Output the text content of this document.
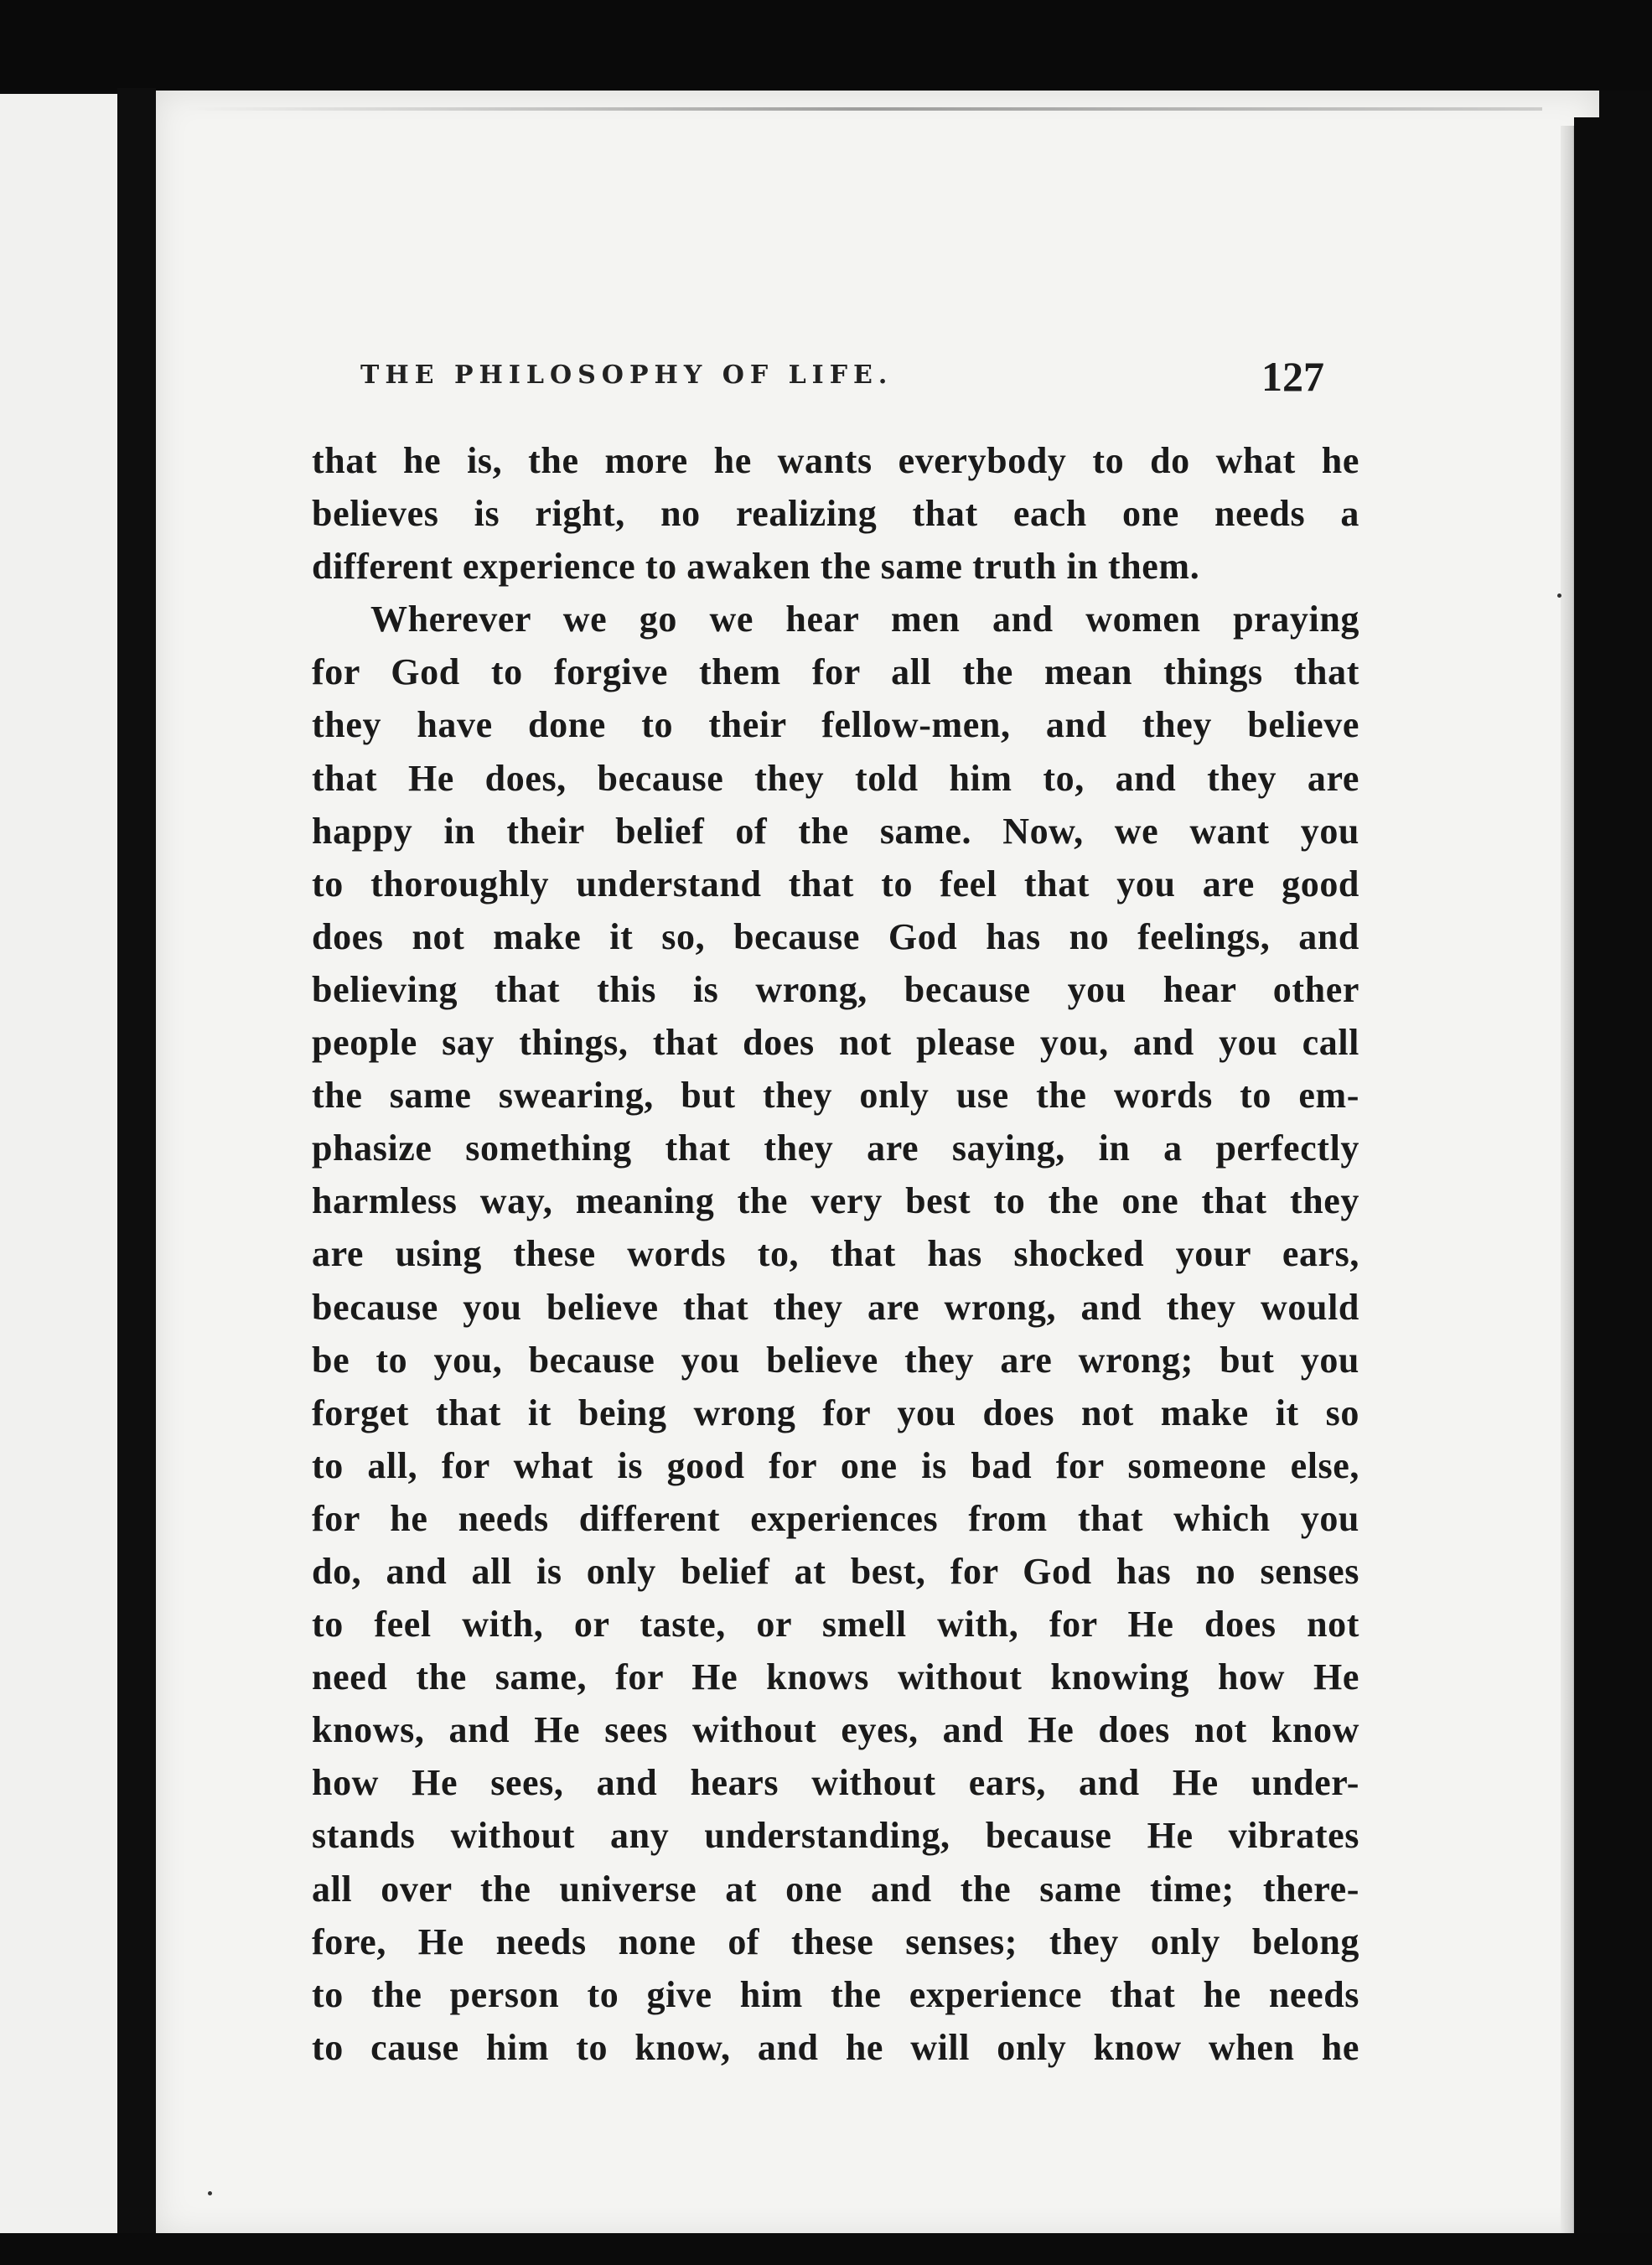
THE PHILOSOPHY OF LIFE.	127
that he is, the more he wants everybody to do what he
believes is right, no realizing that each one needs a
different experience to awaken the same truth in them.
Wherever we go we hear men and women praying
for God to forgive them for all the mean things that
they have done to their fellow-men, and they believe
that He does, because they told him to, and they are
happy in their belief of the same. Now, we want you
to thoroughly understand that to feel that you are good
does not make it so, because God has no feelings, and
believing that this is wrong, because you hear other
people say things, that does not please you, and you call
the same swearing, but they only use the words to em-
phasize something that they are saying, in a perfectly
harmless way, meaning the very best to the one that they
are using these words to, that has shocked your ears,
because you believe that they are wrong, and they would
be to you, because you believe they are wrong; but you
forget that it being wrong for you does not make it so
to all, for what is good for one is bad for someone else,
for he needs different experiences from that which you
do, and all is only belief at best, for God has no senses
to feel with, or taste, or smell with, for He does not
need the same, for He knows without knowing how He
knows, and He sees without eyes, and He does not know
how He sees, and hears without ears, and He under-
stands without any understanding, because He vibrates
all over the universe at one and the same time; there-
fore, He needs none of these senses; they only belong
to the person to give him the experience that he needs
to cause him to know, and he will only know when he
